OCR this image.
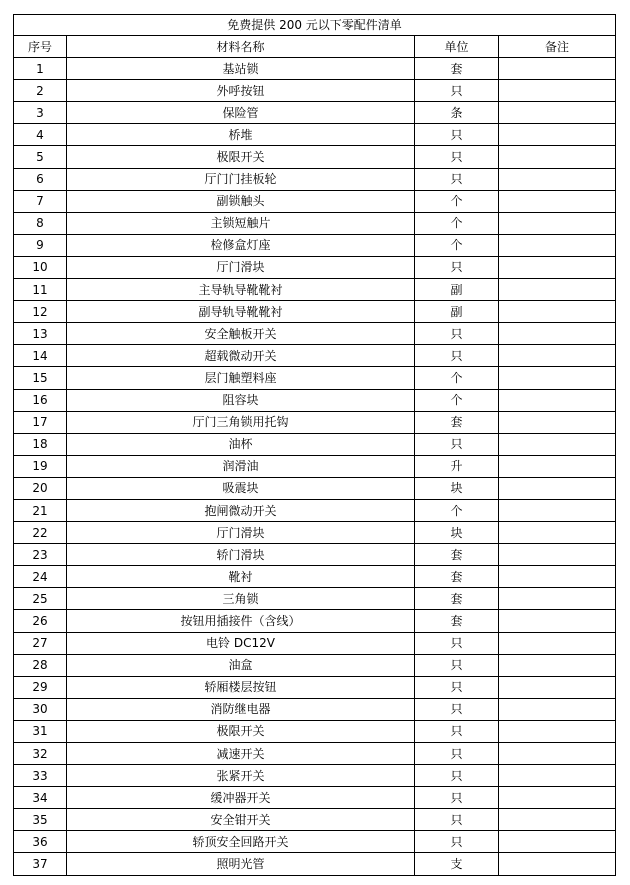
免费提供 200 元以下零配件清单			
序号	材料名称	单位	备注
1	基站锁	套	
2	外呼按钮	只	
3	保险管	条	
4	桥堆	只	
5	极限开关	只	
6	厅门门挂板轮	只	
7	副锁触头	个	
8	主锁短触片	个	
9	检修盒灯座	个	
10	厅门滑块	只	
11	主导轨导靴靴衬	副	
12	副导轨导靴靴衬	副	
13	安全触板开关	只	
14	超载微动开关	只	
15	层门触塑料座	个	
16	阻容块	个	
17	厅门三角锁用托钩	套	
18	油杯	只	
19	润滑油	升	
20	吸震块	块	
21	抱闸微动开关	个	
22	厅门滑块	块	
23	轿门滑块	套	
24	靴衬	套	
25	三角锁	套	
26	按钮用插接件（含线）	套	
27	电铃 DC12V	只	
28	油盒	只	
29	轿厢楼层按钮	只	
30	消防继电器	只	
31	极限开关	只	
32	减速开关	只	
33	张紧开关	只	
34	缓冲器开关	只	
35	安全钳开关	只	
36	轿顶安全回路开关	只	
37	照明光管	支	
